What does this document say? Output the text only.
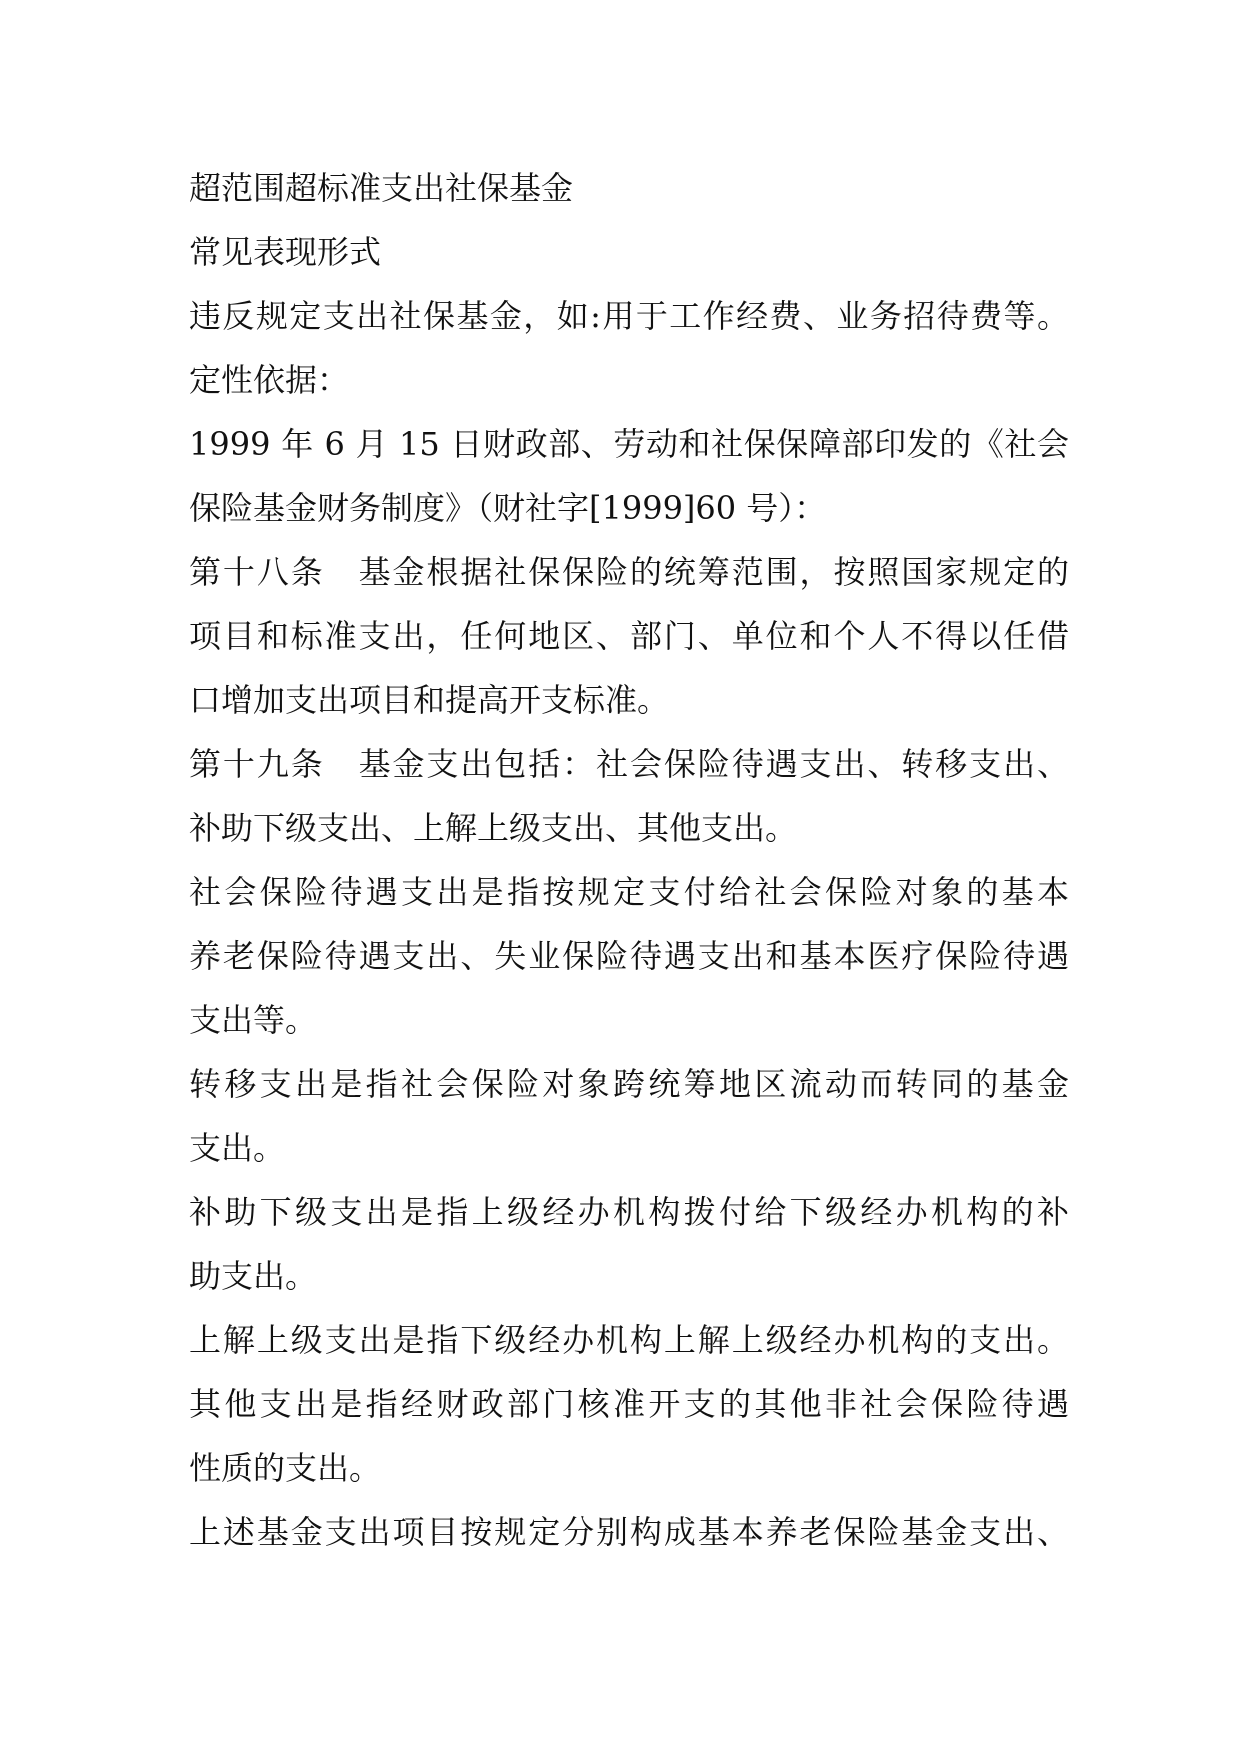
超范围超标准支出社保基金
常见表现形式
违反规定支出社保基金，如:用于工作经费、业务招待费等。
定性依据：
1999 年 6 月 15 日财政部、劳动和社保保障部印发的《社会
保险基金财务制度》（财社字[1999]60 号）：
第十八条　基金根据社保保险的统筹范围，按照国家规定的
项目和标准支出，任何地区、部门、单位和个人不得以任借
口增加支出项目和提高开支标准。
第十九条　基金支出包括：社会保险待遇支出、转移支出、
补助下级支出、上解上级支出、其他支出。
社会保险待遇支出是指按规定支付给社会保险对象的基本
养老保险待遇支出、失业保险待遇支出和基本医疗保险待遇
支出等。
转移支出是指社会保险对象跨统筹地区流动而转同的基金
支出。
补助下级支出是指上级经办机构拨付给下级经办机构的补
助支出。
上解上级支出是指下级经办机构上解上级经办机构的支出。
其他支出是指经财政部门核准开支的其他非社会保险待遇
性质的支出。
上述基金支出项目按规定分别构成基本养老保险基金支出、
